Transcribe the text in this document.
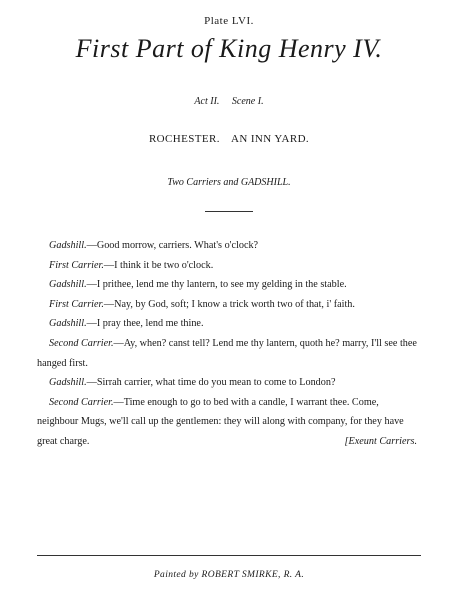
Plate LVI.
First Part of King Henry IV.
Act II. Scene I.
ROCHESTER. AN INN YARD.
Two Carriers and GADSHILL.

Gadshill.—Good morrow, carriers. What's o'clock?

First Carrier.—I think it be two o'clock.

Gadshill.—I prithee, lend me thy lantern, to see my gelding in the stable.

First Carrier.—Nay, by God, soft; I know a trick worth two of that, i' faith.

Gadshill.—I pray thee, lend me thine.

Second Carrier.—Ay, when? canst tell? Lend me thy lantern, quoth he? marry, I'll see thee hanged first.

Gadshill.—Sirrah carrier, what time do you mean to come to London?

Second Carrier.—Time enough to go to bed with a candle, I warrant thee. Come, neighbour Mugs, we'll call up the gentlemen: they will along with company, for they have great charge.	[Exeunt Carriers.

Painted by ROBERT SMIRKE, R. A.
